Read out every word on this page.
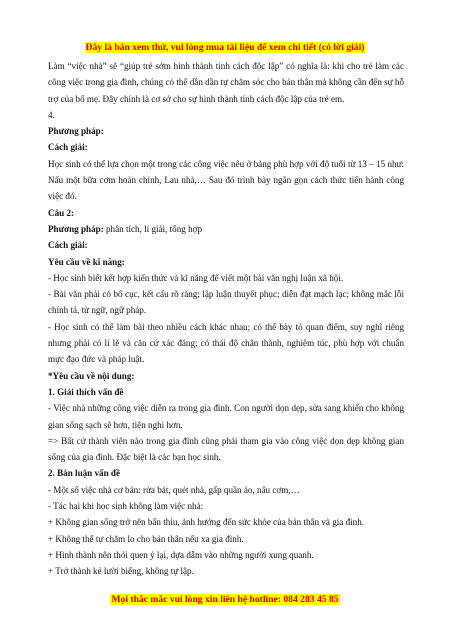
Đây là bản xem thử, vui lòng mua tài liệu để xem chi tiết (có lời giải)

Làm “việc nhà” sẽ “giúp trẻ sớm hình thành tính cách độc lập” có nghĩa là: khi cho trẻ làm các công việc trong gia đình, chúng có thể dần dần tự chăm sóc cho bản thân mà không cần đến sự hỗ trợ của bố mẹ. Đây chính là cơ sở cho sự hình thành tính cách độc lập của trẻ em.

4.

Phương pháp:

Cách giải:

Học sinh có thể lựa chọn một trong các công việc nêu ở bảng phù hợp với độ tuổi từ 13 – 15 như: Nấu một bữa cơm hoàn chỉnh, Lau nhà,… Sau đó trình bày ngắn gọn cách thức tiến hành công việc đó.

Câu 2:

Phương pháp: phân tích, lí giải, tổng hợp

Cách giải:

Yêu cầu về kĩ năng:

- Học sinh biết kết hợp kiến thức và kĩ năng để viết một bài văn nghị luận xã hội.

- Bài văn phải có bố cục, kết cấu rõ ràng; lập luận thuyết phục; diễn đạt mạch lạc; không mắc lỗi chính tả, từ ngữ, ngữ pháp.

- Học sinh có thể làm bài theo nhiều cách khác nhau; có thể bày tỏ quan điểm, suy nghĩ riêng nhưng phải có lí lẽ và căn cứ xác đáng; có thái độ chân thành, nghiêm túc, phù hợp với chuẩn mực đạo đức và pháp luật.

*Yêu cầu về nội dung:

1. Giải thích vấn đề

- Việc nhà những công việc diễn ra trong gia đình. Con người dọn dẹp, sửa sang khiến cho không gian sống sạch sẽ hơn, tiện nghi hơn.

=> Bất cứ thành viên nào trong gia đình cũng phải tham gia vào công việc dọn dẹp không gian sống của gia đình. Đặc biệt là các bạn học sinh.

2. Bàn luận vấn đề

- Một số việc nhà cơ bản: rửa bát, quét nhà, gấp quần áo, nấu cơm,…

- Tác hại khi học sinh không làm việc nhà:

+ Không gian sống trở nên bẩn thỉu, ảnh hưởng đến sức khỏe của bản thân và gia đình.

+ Không thể tự chăm lo cho bản thân nếu xa gia đình.

+ Hình thành nên thói quen ỷ lại, dựa dẫm vào những người xung quanh.

+ Trở thành kẻ lười biếng, không tự lập.

Mọi thắc mắc vui lòng xin liên hệ hotline: 084 283 45 85
